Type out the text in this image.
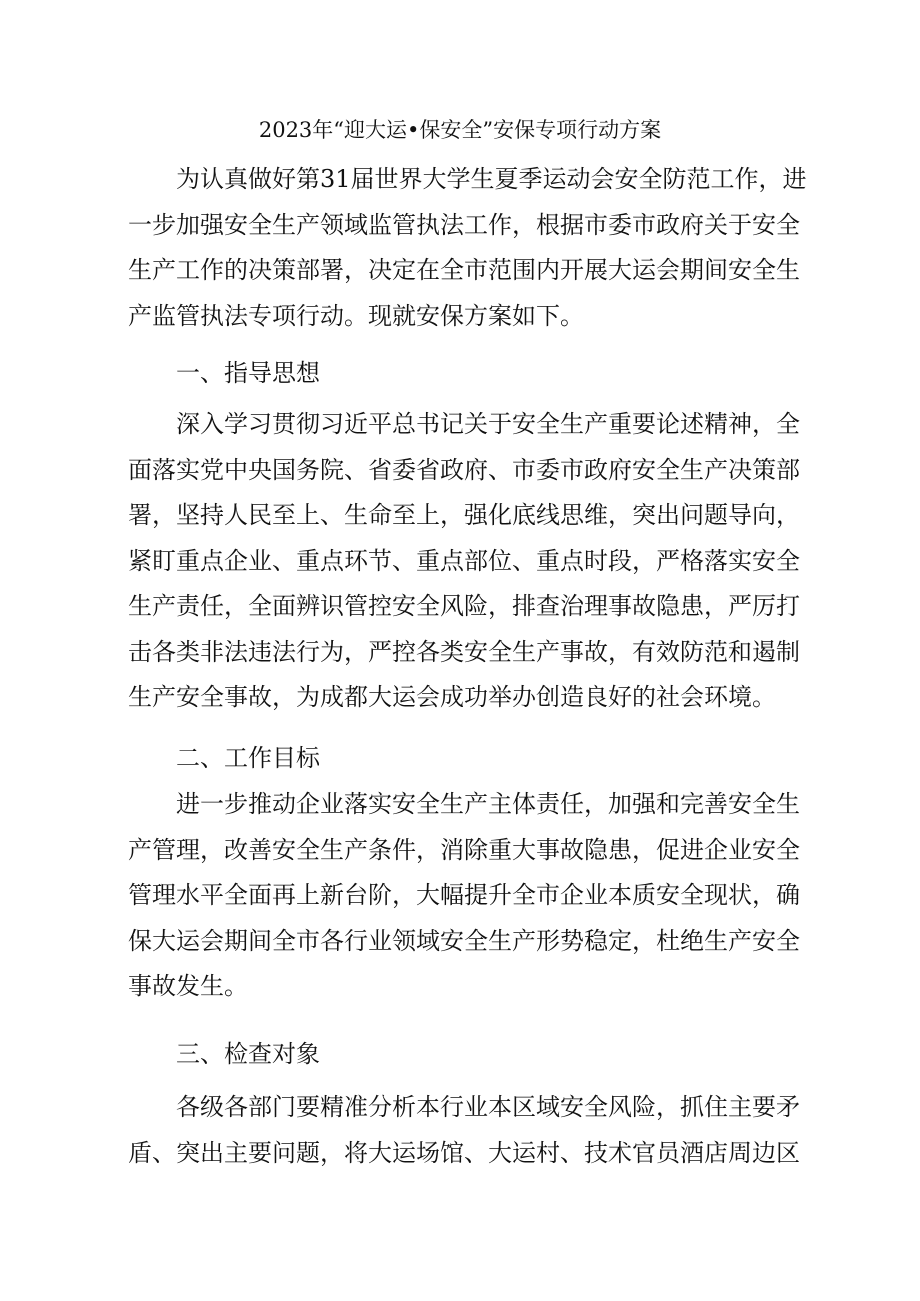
2023年“迎大运•保安全”安保专项行动方案
为认真做好第31届世界大学生夏季运动会安全防范工作，进
一步加强安全生产领域监管执法工作，根据市委市政府关于安全
生产工作的决策部署，决定在全市范围内开展大运会期间安全生
产监管执法专项行动。现就安保方案如下。
一、指导思想
深入学习贯彻习近平总书记关于安全生产重要论述精神，全
面落实党中央国务院、省委省政府、市委市政府安全生产决策部
署，坚持人民至上、生命至上，强化底线思维，突出问题导向，
紧盯重点企业、重点环节、重点部位、重点时段，严格落实安全
生产责任，全面辨识管控安全风险，排查治理事故隐患，严厉打
击各类非法违法行为，严控各类安全生产事故，有效防范和遏制
生产安全事故，为成都大运会成功举办创造良好的社会环境。
二、工作目标
进一步推动企业落实安全生产主体责任，加强和完善安全生
产管理，改善安全生产条件，消除重大事故隐患，促进企业安全
管理水平全面再上新台阶，大幅提升全市企业本质安全现状，确
保大运会期间全市各行业领域安全生产形势稳定，杜绝生产安全
事故发生。
三、检查对象
各级各部门要精准分析本行业本区域安全风险，抓住主要矛
盾、突出主要问题，将大运场馆、大运村、技术官员酒店周边区
